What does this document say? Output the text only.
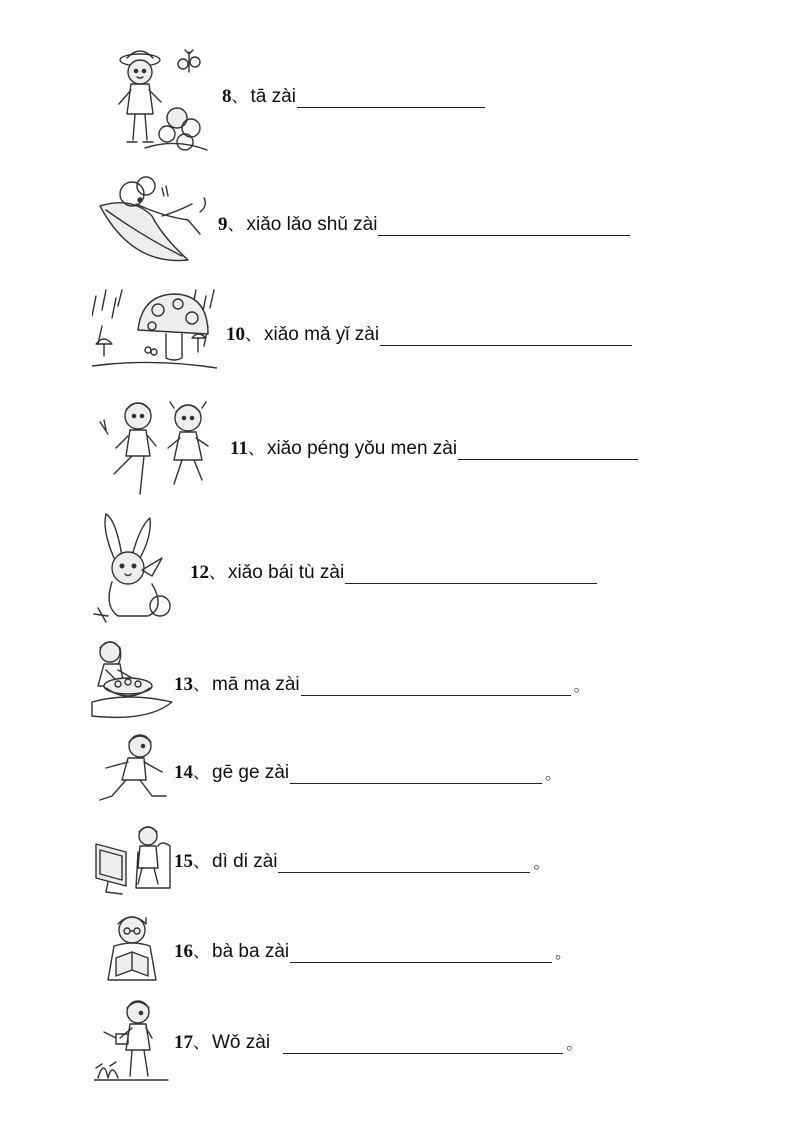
8 、 tā zài
9 、 xiǎo lǎo shǔ zài
10 、 xiǎo mǎ yǐ zài
11 、 xiǎo péng yǒu men zài
12 、 xiǎo bái tù zài
13 、 mā ma zài	。
14 、 gē ge zài	。
15 、 dì di zài	。
16 、 bà ba zài	。
17 、 Wǒ zài	。
